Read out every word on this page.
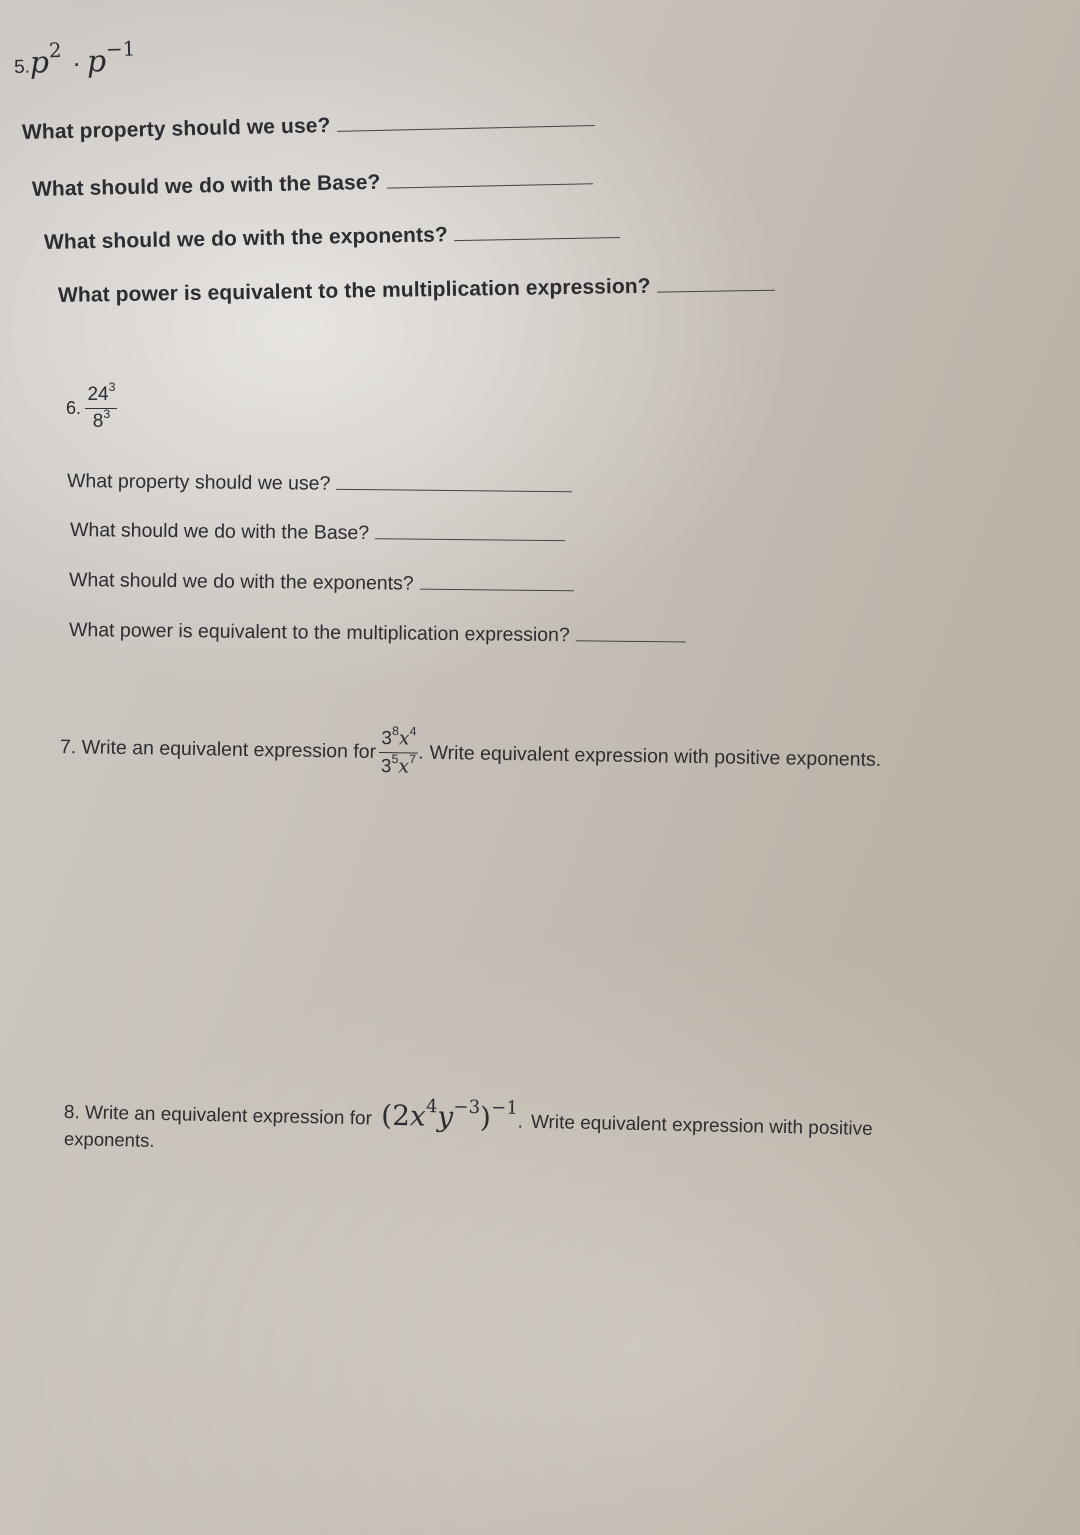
$5.p^2 \cdot p^{-1}$
What property should we use?
What should we do with the Base?
What should we do with the exponents?
What power is equivalent to the multiplication expression?
6. $\frac{24^3}{8^3}$
What property should we use?
What should we do with the Base?
What should we do with the exponents?
What power is equivalent to the multiplication expression?
7. Write an equivalent expression for $\frac{3^8x^4}{3^5x^7}$ . Write equivalent expression with positive exponents.
8. Write an equivalent expression for $(2x^4y^{-3})^{-1}$. Write equivalent expression with positive
exponents.
